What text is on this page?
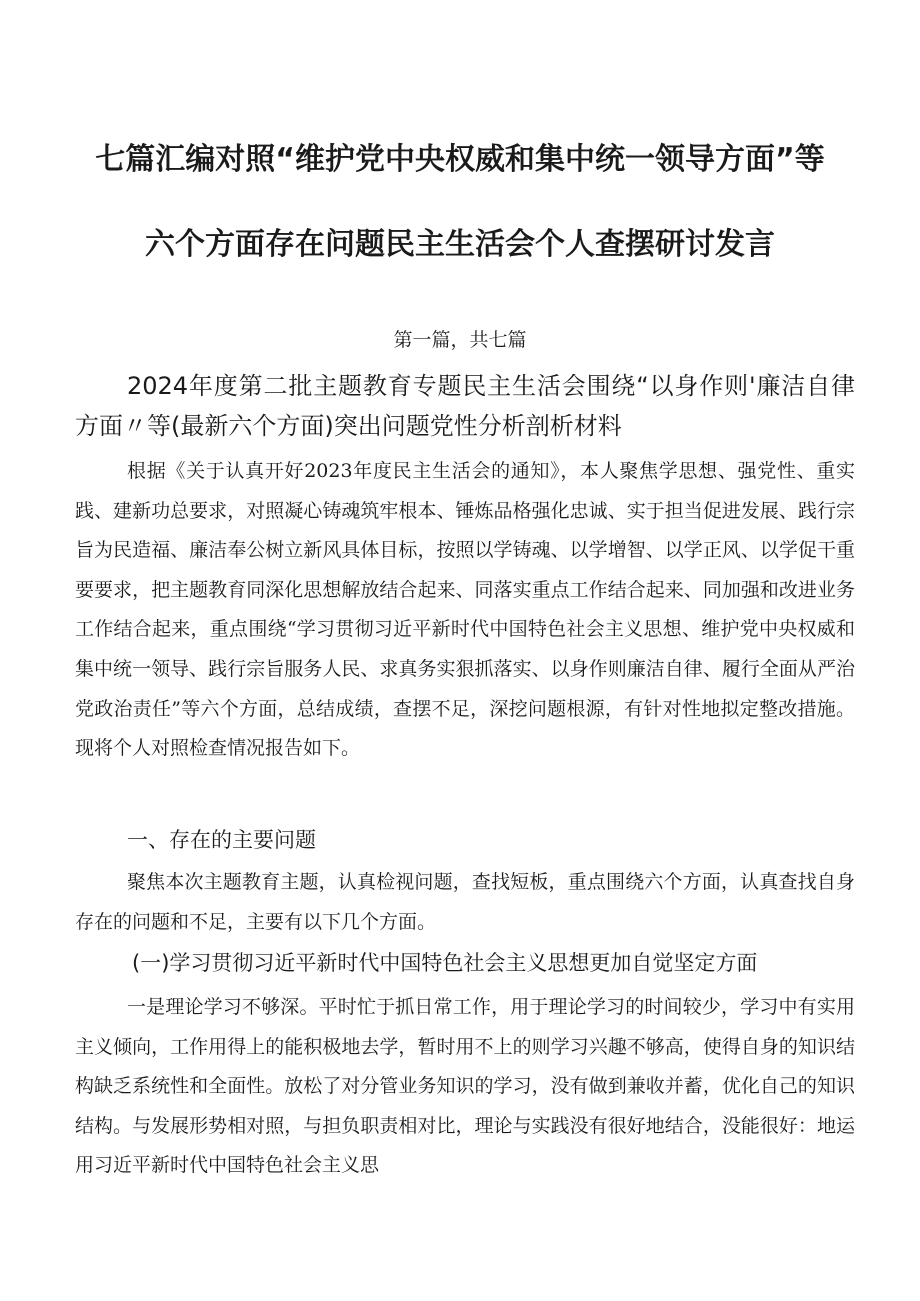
七篇汇编对照“维护党中央权威和集中统一领导方面”等
六个方面存在问题民主生活会个人查摆研讨发言
第一篇，共七篇
2024年度第二批主题教育专题民主生活会围绕“以身作则'廉洁自律方面〃等(最新六个方面)突出问题党性分析剖析材料
根据《关于认真开好2023年度民主生活会的通知》，本人聚焦学思想、强党性、重实践、建新功总要求，对照凝心铸魂筑牢根本、锤炼品格强化忠诚、实于担当促进发展、践行宗旨为民造福、廉洁奉公树立新风具体目标，按照以学铸魂、以学增智、以学正风、以学促干重要要求，把主题教育同深化思想解放结合起来、同落实重点工作结合起来、同加强和改进业务工作结合起来，重点围绕“学习贯彻习近平新时代中国特色社会主义思想、维护党中央权威和集中统一领导、践行宗旨服务人民、求真务实狠抓落实、以身作则廉洁自律、履行全面从严治党政治责任”等六个方面，总结成绩，查摆不足，深挖问题根源，有针对性地拟定整改措施。现将个人对照检查情况报告如下。
一、存在的主要问题
聚焦本次主题教育主题，认真检视问题，查找短板，重点围绕六个方面，认真查找自身存在的问题和不足，主要有以下几个方面。
(一)学习贯彻习近平新时代中国特色社会主义思想更加自觉坚定方面
一是理论学习不够深。平时忙于抓日常工作，用于理论学习的时间较少，学习中有实用主义倾向，工作用得上的能积极地去学，暂时用不上的则学习兴趣不够高，使得自身的知识结构缺乏系统性和全面性。放松了对分管业务知识的学习，没有做到兼收并蓄，优化自己的知识结构。与发展形势相对照，与担负职责相对比，理论与实践没有很好地结合，没能很好：地运用习近平新时代中国特色社会主义思
